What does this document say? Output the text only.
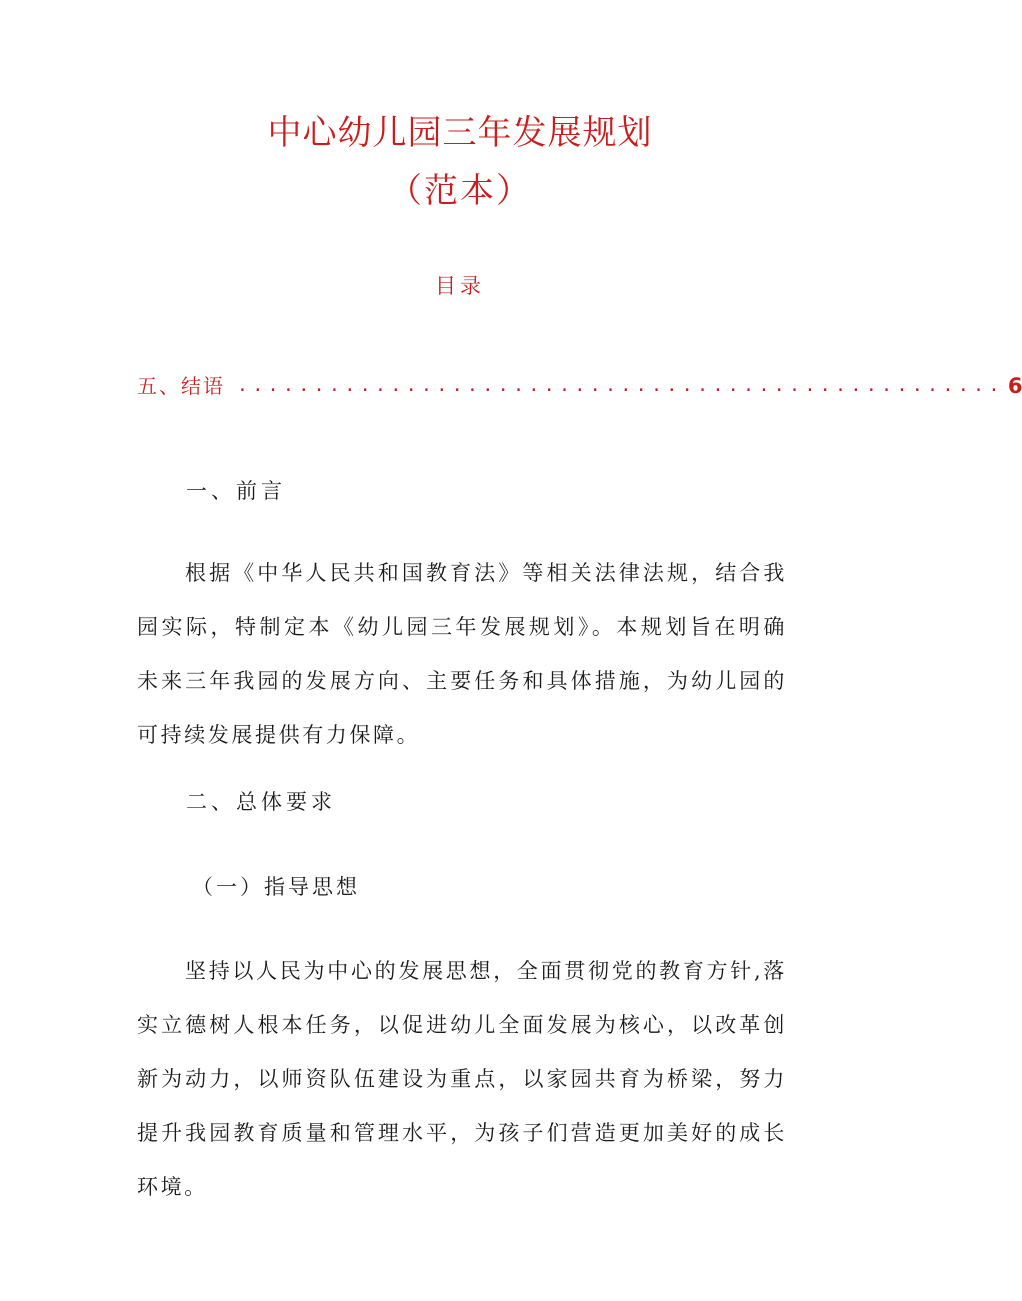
中心幼儿园三年发展规划
（范本）
目录
五、结语 .................................................. 6
一、前言

根据《中华人民共和国教育法》等相关法律法规，结合我园实际，特制定本《幼儿园三年发展规划》。本规划旨在明确未来三年我园的发展方向、主要任务和具体措施，为幼儿园的可持续发展提供有力保障。

二、总体要求
（一）指导思想

坚持以人民为中心的发展思想，全面贯彻党的教育方针,落实立德树人根本任务，以促进幼儿全面发展为核心，以改革创新为动力，以师资队伍建设为重点，以家园共育为桥梁，努力提升我园教育质量和管理水平，为孩子们营造更加美好的成长环境。
